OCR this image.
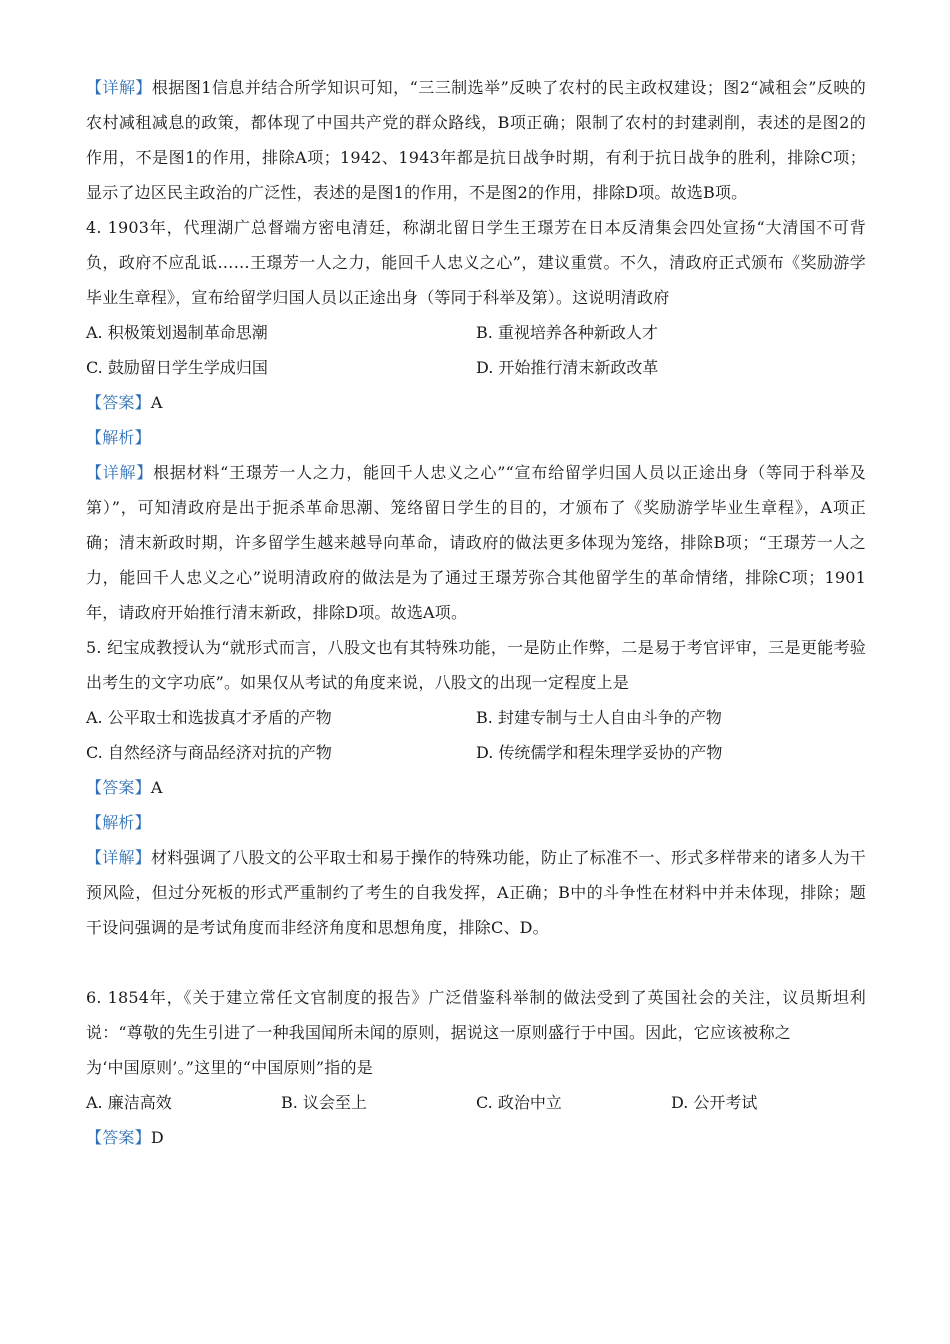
【详解】根据图1信息并结合所学知识可知，“三三制选举”反映了农村的民主政权建设；图2“减租会”反映的农村减租减息的政策，都体现了中国共产党的群众路线，B项正确；限制了农村的封建剥削，表述的是图2的作用，不是图1的作用，排除A项；1942、1943年都是抗日战争时期，有利于抗日战争的胜利，排除C项；显示了边区民主政治的广泛性，表述的是图1的作用，不是图2的作用，排除D项。故选B项。

4. 1903年，代理湖广总督端方密电清廷，称湖北留日学生王璟芳在日本反清集会四处宣扬“大清国不可背负，政府不应乱诋……王璟芳一人之力，能回千人忠义之心”，建议重赏。不久，清政府正式颁布《奖励游学毕业生章程》，宣布给留学归国人员以正途出身（等同于科举及第）。这说明清政府

A. 积极策划遏制革命思潮	B. 重视培养各种新政人才
C. 鼓励留日学生学成归国	D. 开始推行清末新政改革

【答案】A

【解析】

【详解】根据材料“王璟芳一人之力，能回千人忠义之心”“宣布给留学归国人员以正途出身（等同于科举及第）”，可知清政府是出于扼杀革命思潮、笼络留日学生的目的，才颁布了《奖励游学毕业生章程》，A项正确；清末新政时期，许多留学生越来越导向革命，请政府的做法更多体现为笼络，排除B项；“王璟芳一人之力，能回千人忠义之心”说明清政府的做法是为了通过王璟芳弥合其他留学生的革命情绪，排除C项；1901年，请政府开始推行清末新政，排除D项。故选A项。

5. 纪宝成教授认为“就形式而言，八股文也有其特殊功能，一是防止作弊，二是易于考官评审，三是更能考验出考生的文字功底”。如果仅从考试的角度来说，八股文的出现一定程度上是

A. 公平取士和选拔真才矛盾的产物	B. 封建专制与士人自由斗争的产物
C. 自然经济与商品经济对抗的产物	D. 传统儒学和程朱理学妥协的产物

【答案】A

【解析】

【详解】材料强调了八股文的公平取士和易于操作的特殊功能，防止了标准不一、形式多样带来的诸多人为干预风险，但过分死板的形式严重制约了考生的自我发挥，A正确；B中的斗争性在材料中并未体现，排除；题干设问强调的是考试角度而非经济角度和思想角度，排除C、D。

6. 1854年，《关于建立常任文官制度的报告》广泛借鉴科举制的做法受到了英国社会的关注，议员斯坦利说：“尊敬的先生引进了一种我国闻所未闻的原则，据说这一原则盛行于中国。因此，它应该被称之
为‘中国原则’。”这里的“中国原则”指的是

A. 廉洁高效	B. 议会至上	C. 政治中立	D. 公开考试

【答案】D
